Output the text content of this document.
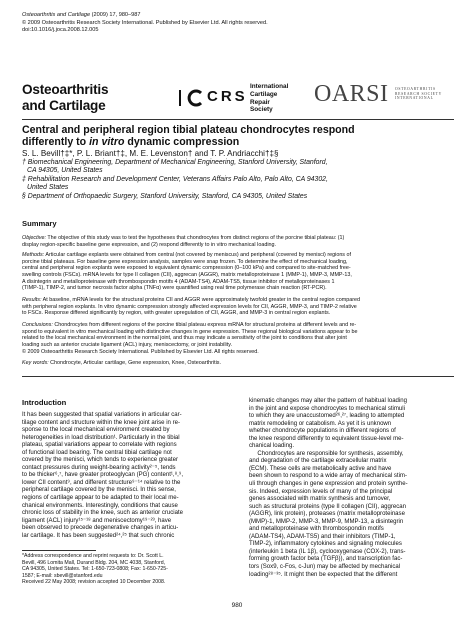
Osteoarthritis and Cartilage (2009) 17, 980–987
© 2009 Osteoarthritis Research Society International. Published by Elsevier Ltd. All rights reserved.
doi:10.1016/j.joca.2008.12.005
Osteoarthritis
and Cartilage
CRS
International
Cartilage
Repair
Society
OARSI OSTEOARTHRITIS
RESEARCH SOCIETY
INTERNATIONAL
Central and peripheral region tibial plateau chondrocytes respond
differently to in vitro dynamic compression
S. L. Bevill†‡*, P. L. Briant†‡, M. E. Levenston† and T. P. Andriacchi†‡§
† Biomechanical Engineering, Department of Mechanical Engineering, Stanford University, Stanford,
CA 94305, United States
‡ Rehabilitation Research and Development Center, Veterans Affairs Palo Alto, Palo Alto, CA 94302,
United States
§ Department of Orthopaedic Surgery, Stanford University, Stanford, CA 94305, United States
Summary
Objective: The objective of this study was to test the hypotheses that chondrocytes from distinct regions of the porcine tibial plateau: (1)
display region-specific baseline gene expression, and (2) respond differently to in vitro mechanical loading.
Methods: Articular cartilage explants were obtained from central (not covered by meniscus) and peripheral (covered by menisci) regions of
porcine tibial plateaus. For baseline gene expression analysis, samples were snap frozen. To determine the effect of mechanical loading,
central and peripheral region explants were exposed to equivalent dynamic compression (0–100 kPa) and compared to site-matched free-
swelling controls (FSCs). mRNA levels for type II collagen (CII), aggrecan (AGGR), matrix metalloproteinase 1 (MMP-1), MMP-3, MMP-13,
A disintegrin and metalloproteinase with thrombospondin motifs 4 (ADAM-TS4), ADAM-TS5, tissue inhibitor of metalloproteinases 1
(TIMP-1), TIMP-2, and tumor necrosis factor alpha (TNFα) were quantified using real time polymerase chain reaction (RT-PCR).
Results: At baseline, mRNA levels for the structural proteins CII and AGGR were approximately twofold greater in the central region compared
with peripheral region explants. In vitro dynamic compression strongly affected expression levels for CII, AGGR, MMP-3, and TIMP-2 relative
to FSCs. Response differed significantly by region, with greater upregulation of CII, AGGR, and MMP-3 in central region explants.
Conclusions: Chondrocytes from different regions of the porcine tibial plateau express mRNA for structural proteins at different levels and re-
spond to equivalent in vitro mechanical loading with distinctive changes in gene expression. These regional biological variations appear to be
related to the local mechanical environment in the normal joint, and thus may indicate a sensitivity of the joint to conditions that alter joint
loading such as anterior cruciate ligament (ACL) injury, meniscectomy, or joint instability.
© 2009 Osteoarthritis Research Society International. Published by Elsevier Ltd. All rights reserved.
Key words: Chondrocyte, Articular cartilage, Gene expression, Knee, Osteoarthritis.
Introduction
It has been suggested that spatial variations in articular car-
tilage content and structure within the knee joint arise in re-
sponse to the local mechanical environment created by
heterogeneities in load distribution¹. Particularly in the tibial
plateau, spatial variations appear to correlate with regions
of functional load bearing. The central tibial cartilage not
covered by the menisci, which tends to experience greater
contact pressures during weight-bearing activity²⁻⁵, tends
to be thicker⁶,⁷, have greater proteoglycan (PG) content¹,⁸,⁹,
lower CII content⁹, and different structure⁹⁻¹⁴ relative to the
peripheral cartilage covered by the menisci. In this sense,
regions of cartilage appear to be adapted to their local me-
chanical environments. Interestingly, conditions that cause
chronic loss of stability in the knee, such as anterior cruciate
ligament (ACL) injury¹⁵⁻¹⁸ and meniscectomy¹⁹⁻²³, have
been observed to precede degenerative changes in articu-
lar cartilage. It has been suggested²⁴,²⁵ that such chronic
*Address correspondence and reprint requests to: Dr. Scott L.
Bevill, 496 Lomita Mall, Durand Bldg. 204, MC 4038, Stanford,
CA 94305, United States. Tel: 1-650-723-0808; Fax: 1-650-725-
1587; E-mail: sbevill@stanford.edu
Received 22 May 2008; revision accepted 10 December 2008.
kinematic changes may alter the pattern of habitual loading
in the joint and expose chondrocytes to mechanical stimuli
to which they are unaccustomed²⁶,²⁷, leading to attempted
matrix remodeling or catabolism. As yet it is unknown
whether chondrocyte populations in different regions of
the knee respond differently to equivalent tissue-level me-
chanical loading.
Chondrocytes are responsible for synthesis, assembly,
and degradation of the cartilage extracellular matrix
(ECM). These cells are metabolically active and have
been shown to respond to a wide array of mechanical stim-
uli through changes in gene expression and protein synthe-
sis. Indeed, expression levels of many of the principal
genes associated with matrix synthesis and turnover,
such as structural proteins (type II collagen (CII), aggrecan
(AGGR), link protein), proteases (matrix metalloproteinase
(MMP)-1, MMP-2, MMP-3, MMP-9, MMP-13, a disintegrin
and metalloproteinase with thrombospondin motifs
(ADAM-TS4), ADAM-TS5) and their inhibitors (TIMP-1,
TIMP-2), inflammatory cytokines and signaling molecules
(interleukin 1 beta (IL 1β), cyclooxygenase (COX-2), trans-
forming growth factor beta (TGFβ)), and transcription fac-
tors (Sox9, c-Fos, c-Jun) may be affected by mechanical
loading²⁸⁻³⁵. It might then be expected that the different
980
